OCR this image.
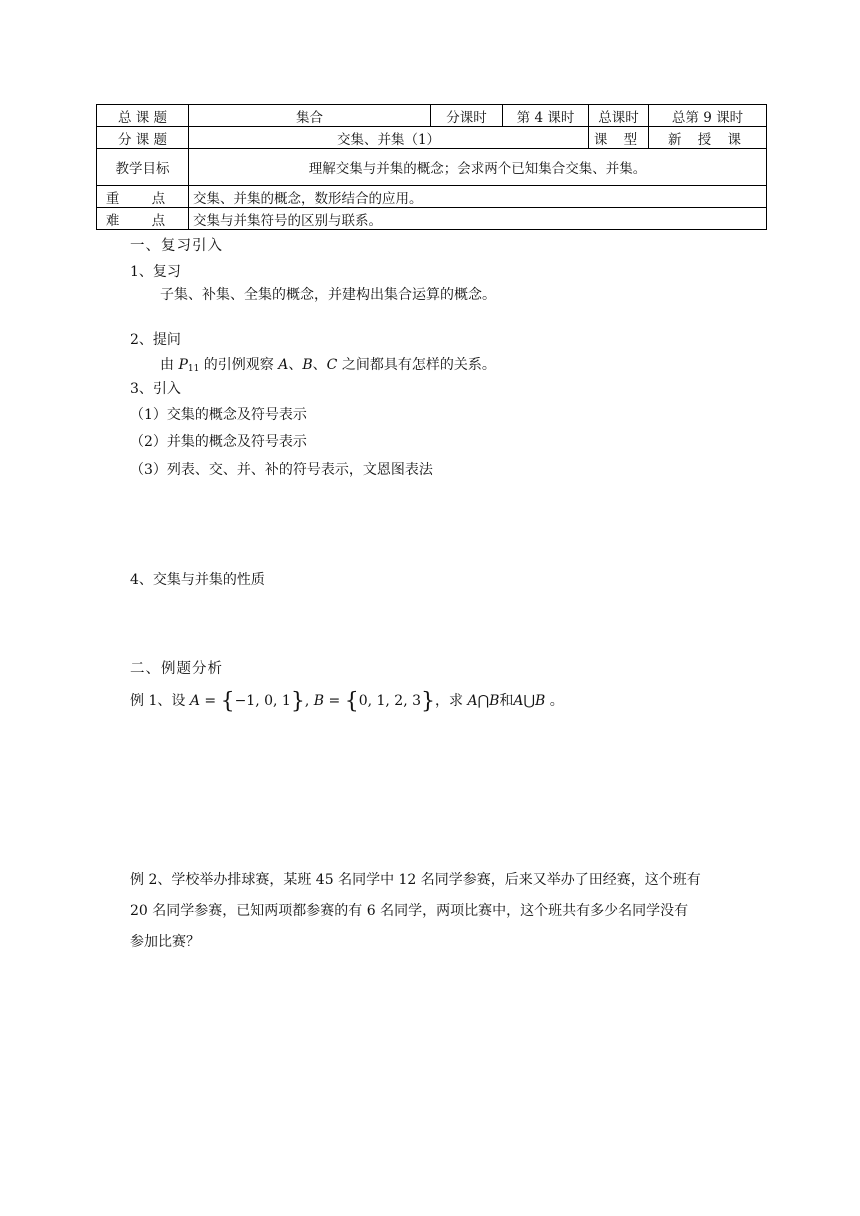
总 课 题	集合	分课时	第 4 课时	总课时	总第 9 课时
分 课 题	交集、并集（1）			课 型	新 授 课
教学目标	理解交集与并集的概念；会求两个已知集合交集、并集。				
重 点	交集、并集的概念，数形结合的应用。				
难 点	交集与并集符号的区别与联系。				
一、复习引入
1、复习
子集、补集、全集的概念，并建构出集合运算的概念。
2、提问
由 $P_{11}$ 的引例观察 A、B、C 之间都具有怎样的关系。
3、引入
（1）交集的概念及符号表示
（2）并集的概念及符号表示
（3）列表、交、并、补的符号表示，文恩图表法
4、交集与并集的性质
二、例题分析
例 1、设 A = {−1, 0, 1}, B = {0, 1, 2, 3}，求 A⋂B和A⋃B 。
例 2、学校举办排球赛，某班 45 名同学中 12 名同学参赛，后来又举办了田经赛，这个班有
20 名同学参赛，已知两项都参赛的有 6 名同学，两项比赛中，这个班共有多少名同学没有
参加比赛？
